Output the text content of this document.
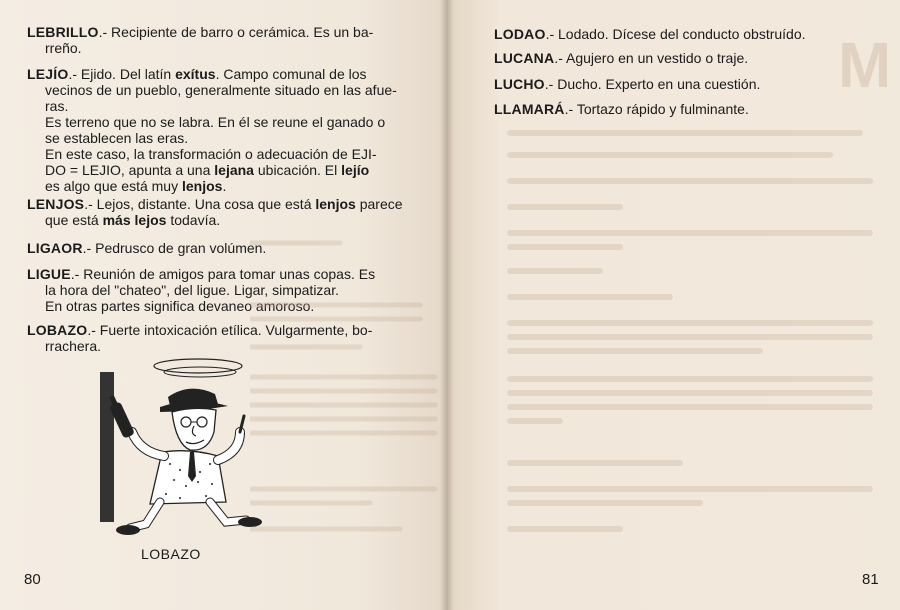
M

LEBRILLO.- Recipiente de barro o cerámica. Es un ba-

rreño.

LEJÍO.- Ejido. Del latín exítus. Campo comunal de los

vecinos de un pueblo, generalmente situado en las afue-

ras.

Es terreno que no se labra. En él se reune el ganado o

se establecen las eras.

En este caso, la transformación o adecuación de EJI-

DO = LEJIO, apunta a una lejana ubicación. El lejío

es algo que está muy lenjos.

LENJOS.- Lejos, distante. Una cosa que está lenjos parece

que está más lejos todavía.

LIGAOR.- Pedrusco de gran volúmen.

LIGUE.- Reunión de amigos para tomar unas copas. Es

la hora del "chateo", del ligue. Ligar, simpatizar.

En otras partes significa devaneo amoroso.

LOBAZO.- Fuerte intoxicación etílica. Vulgarmente, bo-

rrachera.

LOBAZO
80

LODAO.- Lodado. Dícese del conducto obstruído.

LUCANA.- Agujero en un vestido o traje.

LUCHO.- Ducho. Experto en una cuestión.

LLAMARÁ.- Tortazo rápido y fulminante.

81
